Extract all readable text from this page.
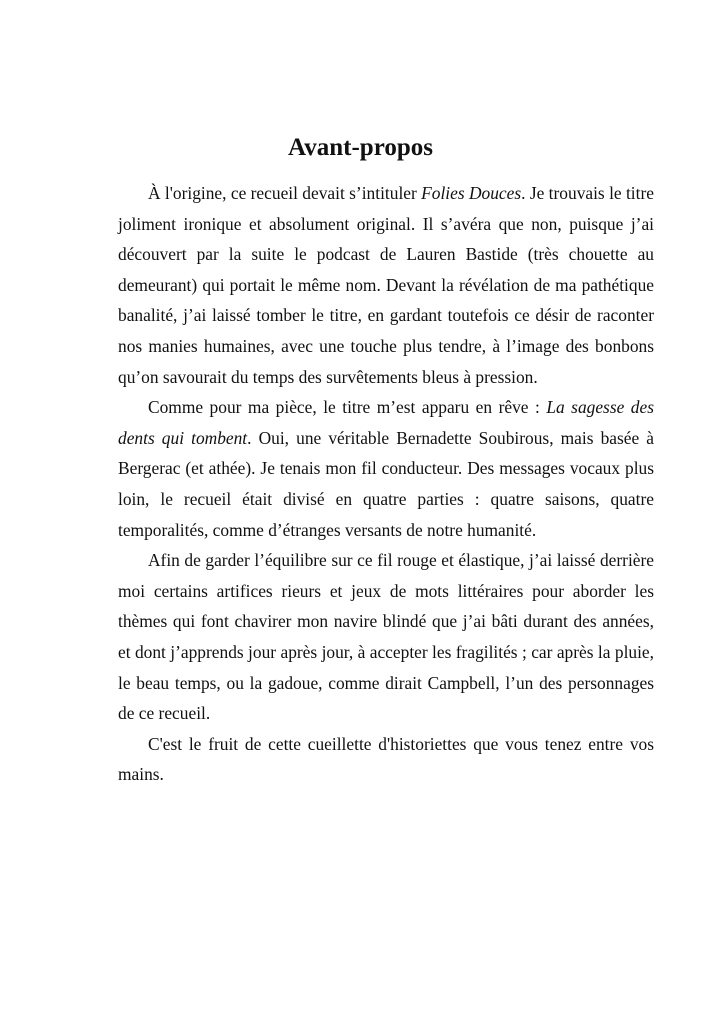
Avant-propos

À l'origine, ce recueil devait s’intituler Folies Douces. Je trouvais le titre joliment ironique et absolument original. Il s’avéra que non, puisque j’ai découvert par la suite le podcast de Lauren Bastide (très chouette au demeurant) qui portait le même nom. Devant la révélation de ma pathétique banalité, j’ai laissé tomber le titre, en gardant toutefois ce désir de raconter nos manies humaines, avec une touche plus tendre, à l’image des bonbons qu’on savourait du temps des survêtements bleus à pression.

Comme pour ma pièce, le titre m’est apparu en rêve : La sagesse des dents qui tombent. Oui, une véritable Bernadette Soubirous, mais basée à Bergerac (et athée). Je tenais mon fil conducteur. Des messages vocaux plus loin, le recueil était divisé en quatre parties : quatre saisons, quatre temporalités, comme d’étranges versants de notre humanité.

Afin de garder l’équilibre sur ce fil rouge et élastique, j’ai laissé derrière moi certains artifices rieurs et jeux de mots littéraires pour aborder les thèmes qui font chavirer mon navire blindé que j’ai bâti durant des années, et dont j’apprends jour après jour, à accepter les fragilités ; car après la pluie, le beau temps, ou la gadoue, comme dirait Campbell, l’un des personnages de ce recueil.

C'est le fruit de cette cueillette d'historiettes que vous tenez entre vos mains.
